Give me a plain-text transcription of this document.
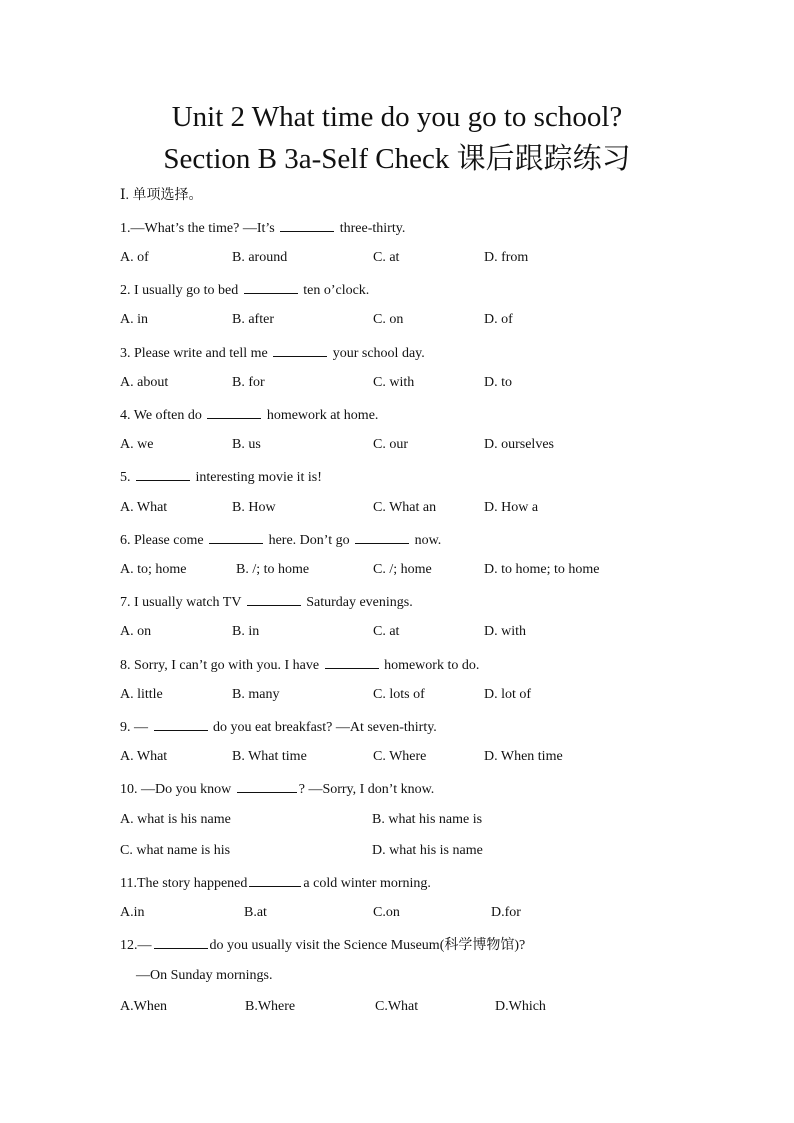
Unit 2 What time do you go to school?
Section B 3a-Self Check 课后跟踪练习
Ⅰ. 单项选择。
1.—What’s the time? —It’s	three-thirty.
A. of	B. around	C. at	D. from
2. I usually go to bed	ten o’clock.
A. in	B. after	C. on	D. of
3. Please write and tell me	your school day.
A. about	B. for	C. with	D. to
4. We often do	homework at home.
A. we	B. us	C. our	D. ourselves
5.	interesting movie it is!
A. What	B. How	C. What an	D. How a
6. Please come	here. Don’t go	now.
A. to; home	B. /; to home	C. /; home	D. to home; to home
7. I usually watch TV	Saturday evenings.
A. on	B. in	C. at	D. with
8. Sorry, I can’t go with you. I have	homework to do.
A. little	B. many	C. lots of	D. lot of
9. —	do you eat breakfast? —At seven-thirty.
A. What	B. What time	C. Where	D. When time
10. —Do you know	? —Sorry, I don’t know.
A. what is his name	B. what his name is
C. what name is his	D. what his is name
11.The story happened	a cold winter morning.
A.in	B.at	C.on	D.for
12.—	do you usually visit the Science Museum(科学博物馆)?
—On Sunday mornings.
A.When	B.Where	C.What	D.Which
